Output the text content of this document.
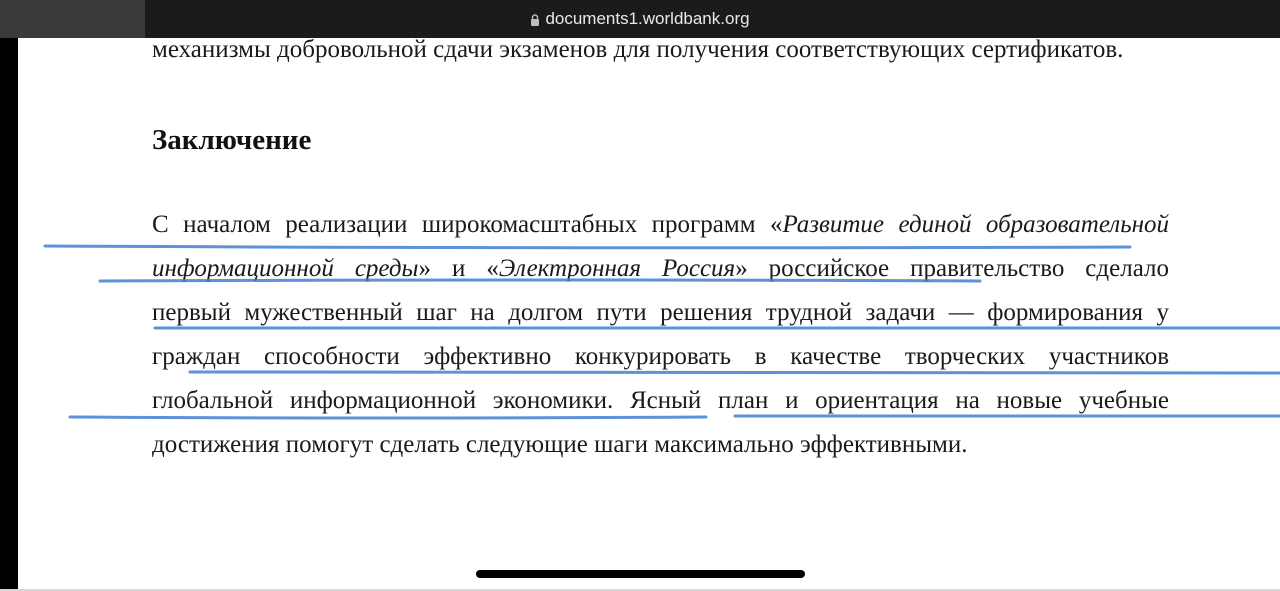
documents1.worldbank.org
механизмы добровольной сдачи экзаменов для получения соответствующих сертификатов.
Заключение
С началом реализации широкомасштабных программ «Развитие единой образовательной
информационной среды» и «Электронная Россия» российское правительство сделало
первый мужественный шаг на долгом пути решения трудной задачи — формирования у
граждан способности эффективно конкурировать в качестве творческих участников
глобальной информационной экономики. Ясный план и ориентация на новые учебные
достижения помогут сделать следующие шаги максимально эффективными.
